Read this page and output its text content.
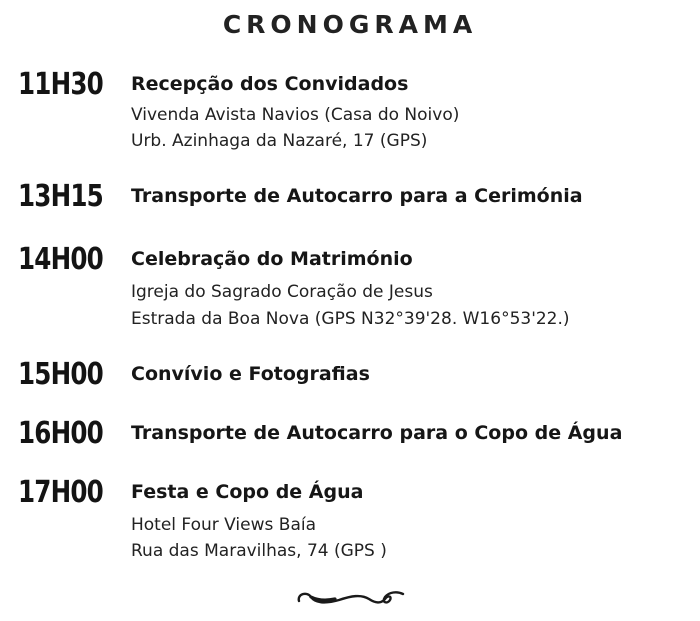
CRONOGRAMA
11H30 Recepção dos Convidados
Vivenda Avista Navios (Casa do Noivo)
Urb. Azinhaga da Nazaré, 17 (GPS)
13H15 Transporte de Autocarro para a Cerimónia
14H00 Celebração do Matrimónio
Igreja do Sagrado Coração de Jesus
Estrada da Boa Nova (GPS N32°39'28. W16°53'22.)
15H00 Convívio e Fotografias
16H00 Transporte de Autocarro para o Copo de Água
17H00 Festa e Copo de Água
Hotel Four Views Baía
Rua das Maravilhas, 74 (GPS )
